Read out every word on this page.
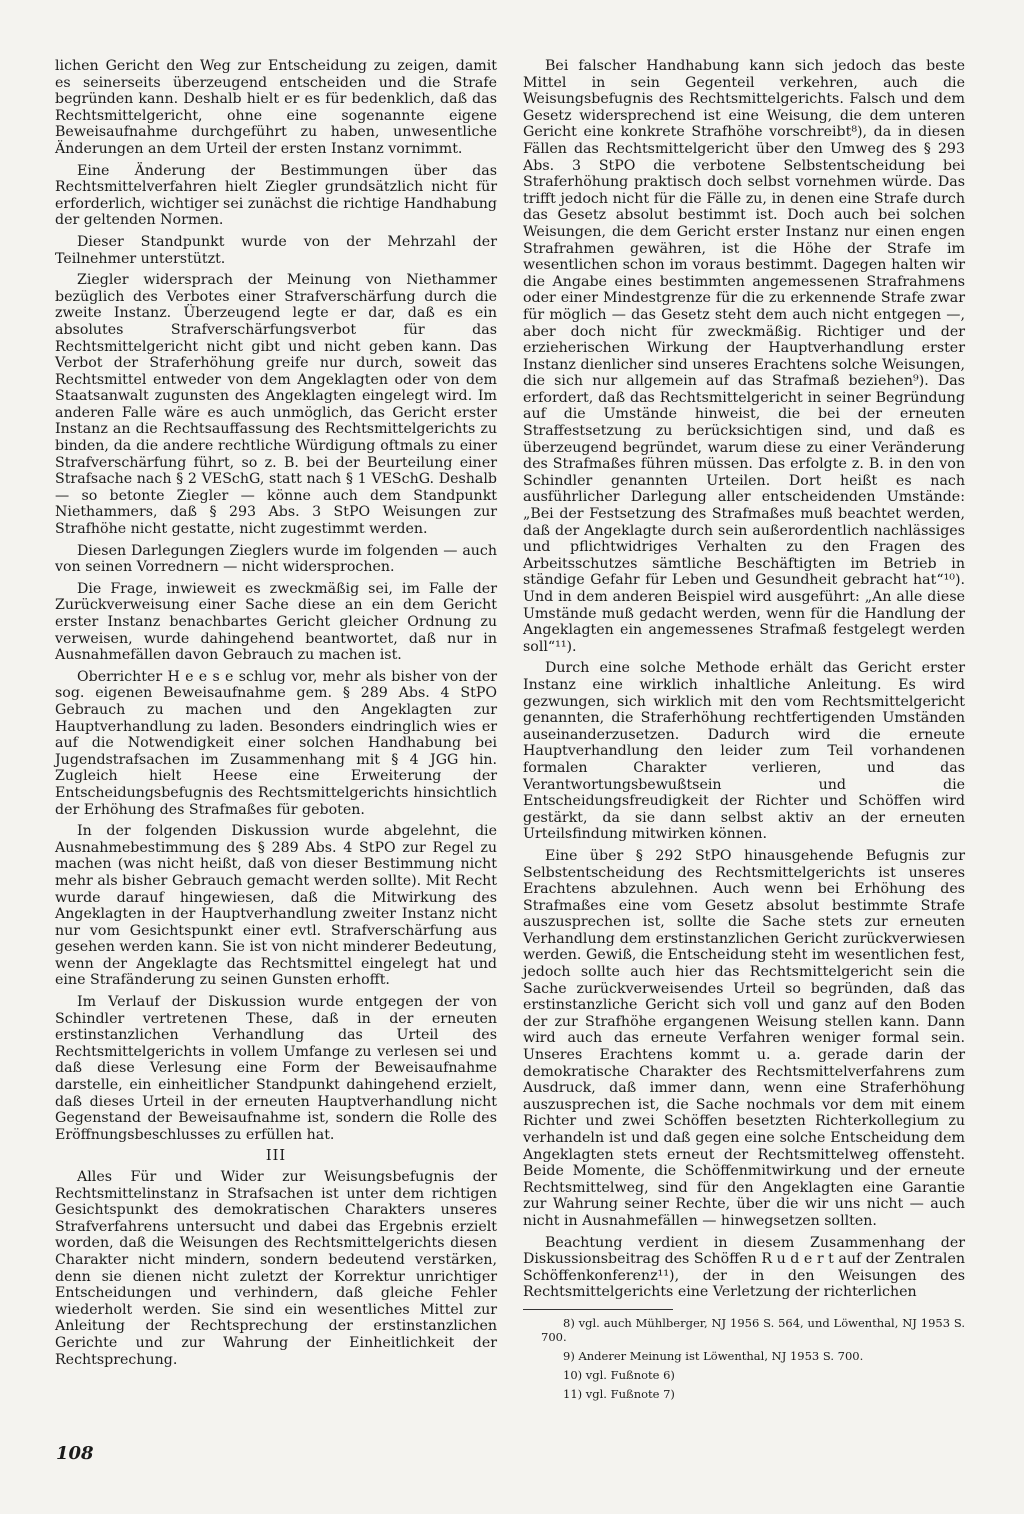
lichen Gericht den Weg zur Entscheidung zu zeigen, damit es seinerseits überzeugend entscheiden und die Strafe begründen kann. Deshalb hielt er es für bedenklich, daß das Rechtsmittelgericht, ohne eine sogenannte eigene Beweisaufnahme durchgeführt zu haben, unwesentliche Änderungen an dem Urteil der ersten Instanz vornimmt.

Eine Änderung der Bestimmungen über das Rechtsmittelverfahren hielt Ziegler grundsätzlich nicht für erforderlich, wichtiger sei zunächst die richtige Handhabung der geltenden Normen.

Dieser Standpunkt wurde von der Mehrzahl der Teilnehmer unterstützt.

Ziegler widersprach der Meinung von Niethammer bezüglich des Verbotes einer Strafverschärfung durch die zweite Instanz. Überzeugend legte er dar, daß es ein absolutes Strafverschärfungsverbot für das Rechtsmittelgericht nicht gibt und nicht geben kann. Das Verbot der Straferhöhung greife nur durch, soweit das Rechtsmittel entweder von dem Angeklagten oder von dem Staatsanwalt zugunsten des Angeklagten eingelegt wird. Im anderen Falle wäre es auch unmöglich, das Gericht erster Instanz an die Rechtsauffassung des Rechtsmittelgerichts zu binden, da die andere rechtliche Würdigung oftmals zu einer Strafverschärfung führt, so z. B. bei der Beurteilung einer Strafsache nach § 2 VESchG, statt nach § 1 VESchG. Deshalb — so betonte Ziegler — könne auch dem Standpunkt Niethammers, daß § 293 Abs. 3 StPO Weisungen zur Strafhöhe nicht gestatte, nicht zugestimmt werden.

Diesen Darlegungen Zieglers wurde im folgenden — auch von seinen Vorrednern — nicht widersprochen.

Die Frage, inwieweit es zweckmäßig sei, im Falle der Zurückverweisung einer Sache diese an ein dem Gericht erster Instanz benachbartes Gericht gleicher Ordnung zu verweisen, wurde dahingehend beantwortet, daß nur in Ausnahmefällen davon Gebrauch zu machen ist.

Oberrichter H e e s e schlug vor, mehr als bisher von der sog. eigenen Beweisaufnahme gem. § 289 Abs. 4 StPO Gebrauch zu machen und den Angeklagten zur Hauptverhandlung zu laden. Besonders eindringlich wies er auf die Notwendigkeit einer solchen Handhabung bei Jugendstrafsachen im Zusammenhang mit § 4 JGG hin. Zugleich hielt Heese eine Erweiterung der Entscheidungsbefugnis des Rechtsmittelgerichts hinsichtlich der Erhöhung des Strafmaßes für geboten.

In der folgenden Diskussion wurde abgelehnt, die Ausnahmebestimmung des § 289 Abs. 4 StPO zur Regel zu machen (was nicht heißt, daß von dieser Bestimmung nicht mehr als bisher Gebrauch gemacht werden sollte). Mit Recht wurde darauf hingewiesen, daß die Mitwirkung des Angeklagten in der Hauptverhandlung zweiter Instanz nicht nur vom Gesichtspunkt einer evtl. Strafverschärfung aus gesehen werden kann. Sie ist von nicht minderer Bedeutung, wenn der Angeklagte das Rechtsmittel eingelegt hat und eine Strafänderung zu seinen Gunsten erhofft.

Im Verlauf der Diskussion wurde entgegen der von Schindler vertretenen These, daß in der erneuten erstinstanzlichen Verhandlung das Urteil des Rechtsmittelgerichts in vollem Umfange zu verlesen sei und daß diese Verlesung eine Form der Beweisaufnahme darstelle, ein einheitlicher Standpunkt dahingehend erzielt, daß dieses Urteil in der erneuten Hauptverhandlung nicht Gegenstand der Beweisaufnahme ist, sondern die Rolle des Eröffnungsbeschlusses zu erfüllen hat.

III

Alles Für und Wider zur Weisungsbefugnis der Rechtsmittelinstanz in Strafsachen ist unter dem richtigen Gesichtspunkt des demokratischen Charakters unseres Strafverfahrens untersucht und dabei das Ergebnis erzielt worden, daß die Weisungen des Rechtsmittelgerichts diesen Charakter nicht mindern, sondern bedeutend verstärken, denn sie dienen nicht zuletzt der Korrektur unrichtiger Entscheidungen und verhindern, daß gleiche Fehler wiederholt werden. Sie sind ein wesentliches Mittel zur Anleitung der Rechtsprechung der erstinstanzlichen Gerichte und zur Wahrung der Einheitlichkeit der Rechtsprechung.

Bei falscher Handhabung kann sich jedoch das beste Mittel in sein Gegenteil verkehren, auch die Weisungsbefugnis des Rechtsmittelgerichts. Falsch und dem Gesetz widersprechend ist eine Weisung, die dem unteren Gericht eine konkrete Strafhöhe vorschreibt⁸), da in diesen Fällen das Rechtsmittelgericht über den Umweg des § 293 Abs. 3 StPO die verbotene Selbstentscheidung bei Straferhöhung praktisch doch selbst vornehmen würde. Das trifft jedoch nicht für die Fälle zu, in denen eine Strafe durch das Gesetz absolut bestimmt ist. Doch auch bei solchen Weisungen, die dem Gericht erster Instanz nur einen engen Strafrahmen gewähren, ist die Höhe der Strafe im wesentlichen schon im voraus bestimmt. Dagegen halten wir die Angabe eines bestimmten angemessenen Strafrahmens oder einer Mindestgrenze für die zu erkennende Strafe zwar für möglich — das Gesetz steht dem auch nicht entgegen —, aber doch nicht für zweckmäßig. Richtiger und der erzieherischen Wirkung der Hauptverhandlung erster Instanz dienlicher sind unseres Erachtens solche Weisungen, die sich nur allgemein auf das Strafmaß beziehen⁹). Das erfordert, daß das Rechtsmittelgericht in seiner Begründung auf die Umstände hinweist, die bei der erneuten Straffestsetzung zu berücksichtigen sind, und daß es überzeugend begründet, warum diese zu einer Veränderung des Strafmaßes führen müssen. Das erfolgte z. B. in den von Schindler genannten Urteilen. Dort heißt es nach ausführlicher Darlegung aller entscheidenden Umstände: „Bei der Festsetzung des Strafmaßes muß beachtet werden, daß der Angeklagte durch sein außerordentlich nachlässiges und pflichtwidriges Verhalten zu den Fragen des Arbeitsschutzes sämtliche Beschäftigten im Betrieb in ständige Gefahr für Leben und Gesundheit gebracht hat“¹⁰). Und in dem anderen Beispiel wird ausgeführt: „An alle diese Umstände muß gedacht werden, wenn für die Handlung der Angeklagten ein angemessenes Strafmaß festgelegt werden soll“¹¹).

Durch eine solche Methode erhält das Gericht erster Instanz eine wirklich inhaltliche Anleitung. Es wird gezwungen, sich wirklich mit den vom Rechtsmittelgericht genannten, die Straferhöhung rechtfertigenden Umständen auseinanderzusetzen. Dadurch wird die erneute Hauptverhandlung den leider zum Teil vorhandenen formalen Charakter verlieren, und das Verantwortungsbewußtsein und die Entscheidungsfreudigkeit der Richter und Schöffen wird gestärkt, da sie dann selbst aktiv an der erneuten Urteilsfindung mitwirken können.

Eine über § 292 StPO hinausgehende Befugnis zur Selbstentscheidung des Rechtsmittelgerichts ist unseres Erachtens abzulehnen. Auch wenn bei Erhöhung des Strafmaßes eine vom Gesetz absolut bestimmte Strafe auszusprechen ist, sollte die Sache stets zur erneuten Verhandlung dem erstinstanzlichen Gericht zurückverwiesen werden. Gewiß, die Entscheidung steht im wesentlichen fest, jedoch sollte auch hier das Rechtsmittelgericht sein die Sache zurückverweisendes Urteil so begründen, daß das erstinstanzliche Gericht sich voll und ganz auf den Boden der zur Strafhöhe ergangenen Weisung stellen kann. Dann wird auch das erneute Verfahren weniger formal sein. Unseres Erachtens kommt u. a. gerade darin der demokratische Charakter des Rechtsmittelverfahrens zum Ausdruck, daß immer dann, wenn eine Straferhöhung auszusprechen ist, die Sache nochmals vor dem mit einem Richter und zwei Schöffen besetzten Richterkollegium zu verhandeln ist und daß gegen eine solche Entscheidung dem Angeklagten stets erneut der Rechtsmittelweg offensteht. Beide Momente, die Schöffenmitwirkung und der erneute Rechtsmittelweg, sind für den Angeklagten eine Garantie zur Wahrung seiner Rechte, über die wir uns nicht — auch nicht in Ausnahmefällen — hinwegsetzen sollten.

Beachtung verdient in diesem Zusammenhang der Diskussionsbeitrag des Schöffen R u d e r t auf der Zentralen Schöffenkonferenz¹¹), der in den Weisungen des Rechtsmittelgerichts eine Verletzung der richterlichen

8) vgl. auch Mühlberger, NJ 1956 S. 564, und Löwenthal, NJ 1953 S. 700.

9) Anderer Meinung ist Löwenthal, NJ 1953 S. 700.

10) vgl. Fußnote 6)

11) vgl. Fußnote 7)

108
